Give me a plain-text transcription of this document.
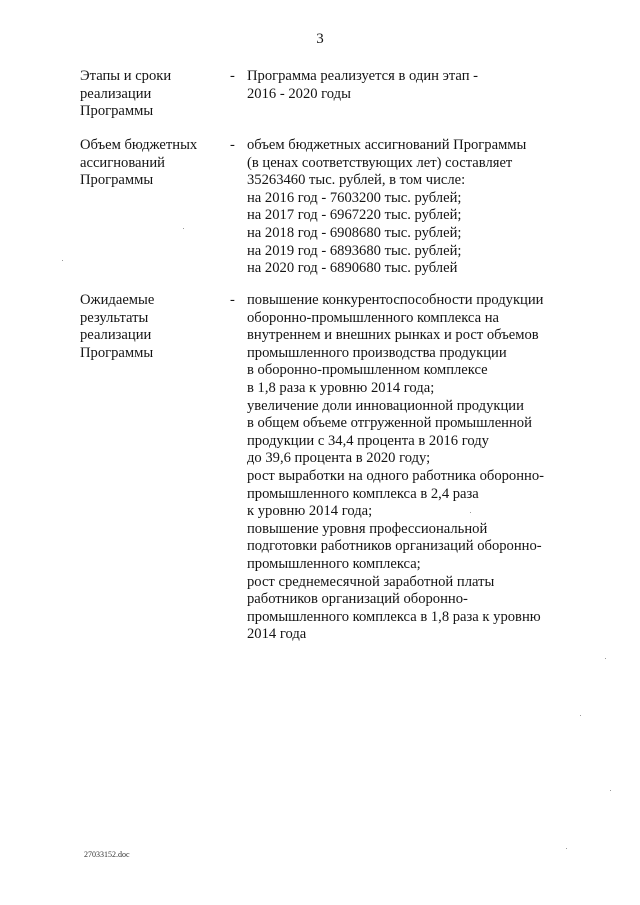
3
Этапы и сроки
реализации
Программы
- Программа реализуется в один этап -
2016 - 2020 годы
Объем бюджетных
ассигнований
Программы
- объем бюджетных ассигнований Программы
(в ценах соответствующих лет) составляет
35263460 тыс. рублей, в том числе:
на 2016 год - 7603200 тыс. рублей;
на 2017 год - 6967220 тыс. рублей;
на 2018 год - 6908680 тыс. рублей;
на 2019 год - 6893680 тыс. рублей;
на 2020 год - 6890680 тыс. рублей
Ожидаемые
результаты
реализации
Программы
- повышение конкурентоспособности продукции
оборонно-промышленного комплекса на
внутреннем и внешних рынках и рост объемов
промышленного производства продукции
в оборонно-промышленном комплексе
в 1,8 раза к уровню 2014 года;
увеличение доли инновационной продукции
в общем объеме отгруженной промышленной
продукции с 34,4 процента в 2016 году
до 39,6 процента в 2020 году;
рост выработки на одного работника оборонно-
промышленного комплекса в 2,4 раза
к уровню 2014 года;
повышение уровня профессиональной
подготовки работников организаций оборонно-
промышленного комплекса;
рост среднемесячной заработной платы
работников организаций оборонно-
промышленного комплекса в 1,8 раза к уровню
2014 года
27033152.doc
